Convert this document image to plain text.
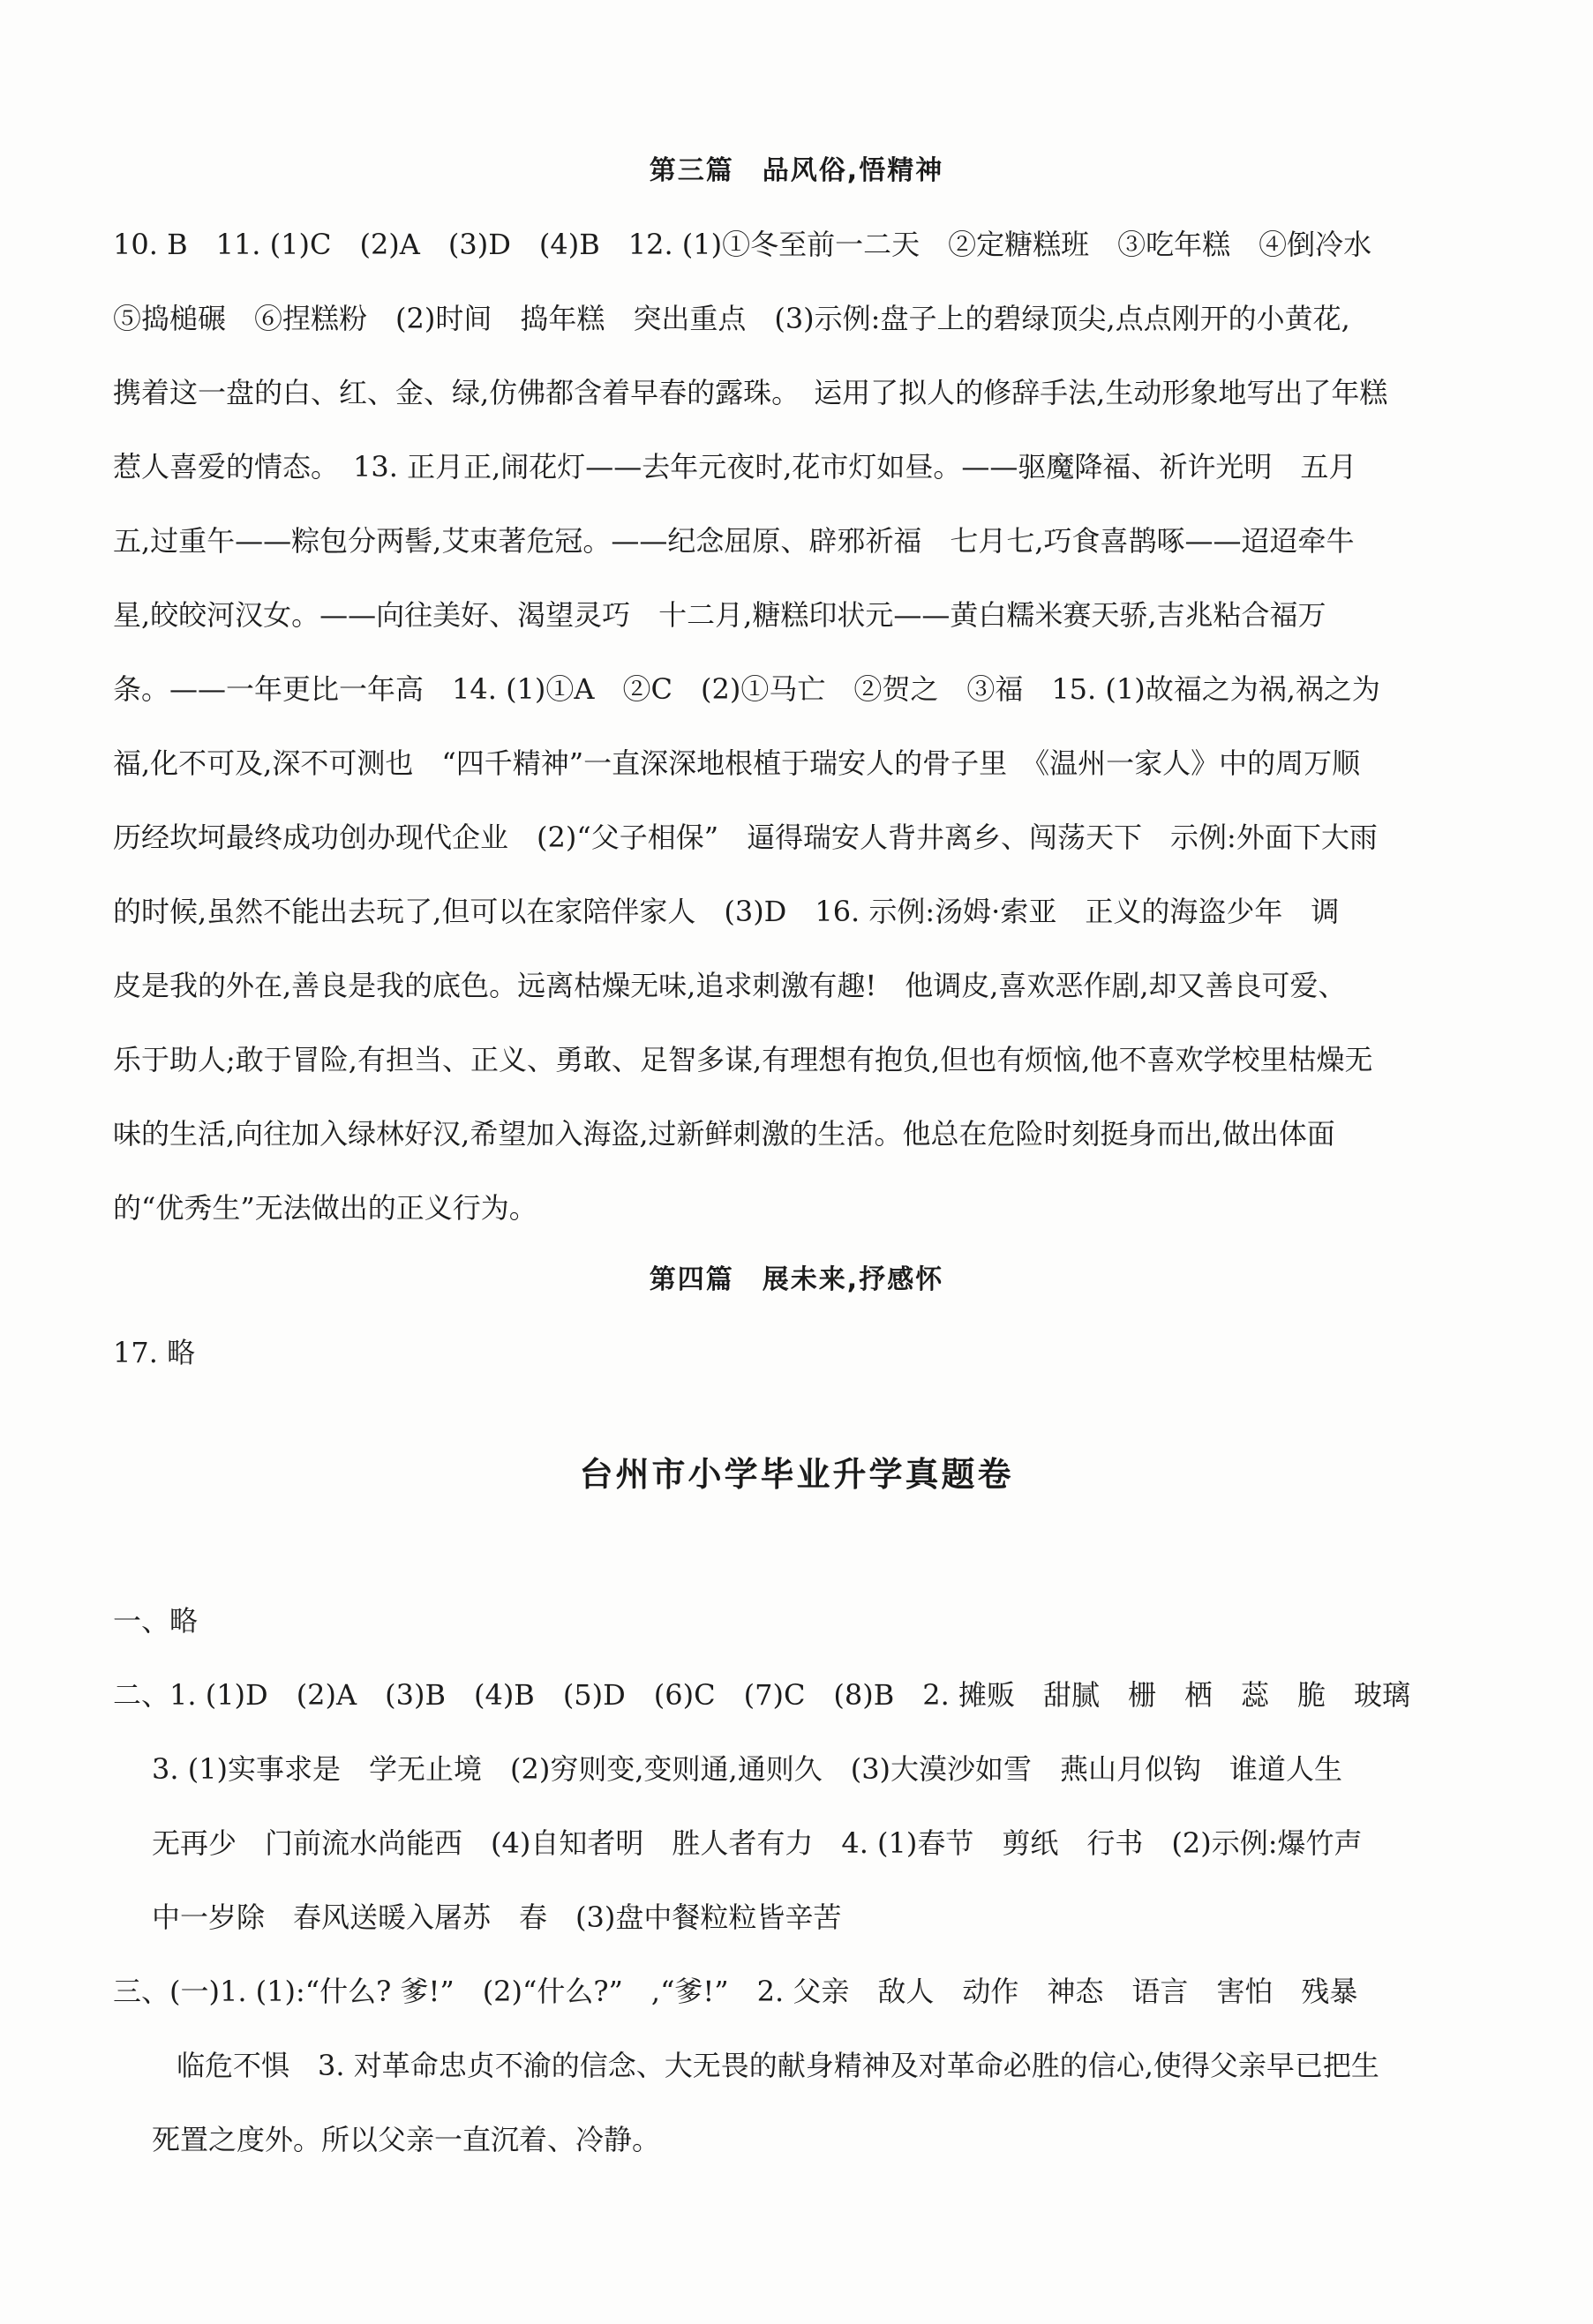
第三篇　品风俗,悟精神
10. B　11. (1)C　(2)A　(3)D　(4)B　12. (1)①冬至前一二天　②定糖糕班　③吃年糕　④倒冷水
⑤捣槌碾　⑥捏糕粉　(2)时间　捣年糕　突出重点　(3)示例:盘子上的碧绿顶尖,点点刚开的小黄花,
携着这一盘的白、红、金、绿,仿佛都含着早春的露珠。　运用了拟人的修辞手法,生动形象地写出了年糕
惹人喜爱的情态。　13. 正月正,闹花灯——去年元夜时,花市灯如昼。——驱魔降福、祈许光明　五月
五,过重午——粽包分两髻,艾束著危冠。——纪念屈原、辟邪祈福　七月七,巧食喜鹊啄——迢迢牵牛
星,皎皎河汉女。——向往美好、渴望灵巧　十二月,糖糕印状元——黄白糯米赛天骄,吉兆粘合福万
条。——一年更比一年高　14. (1)①A　②C　(2)①马亡　②贺之　③福　15. (1)故福之为祸,祸之为
福,化不可及,深不可测也　“四千精神”一直深深地根植于瑞安人的骨子里　《温州一家人》中的周万顺
历经坎坷最终成功创办现代企业　(2)“父子相保”　逼得瑞安人背井离乡、闯荡天下　示例:外面下大雨
的时候,虽然不能出去玩了,但可以在家陪伴家人　(3)D　16. 示例:汤姆·索亚　正义的海盗少年　调
皮是我的外在,善良是我的底色。远离枯燥无味,追求刺激有趣!　他调皮,喜欢恶作剧,却又善良可爱、
乐于助人;敢于冒险,有担当、正义、勇敢、足智多谋,有理想有抱负,但也有烦恼,他不喜欢学校里枯燥无
味的生活,向往加入绿林好汉,希望加入海盗,过新鲜刺激的生活。他总在危险时刻挺身而出,做出体面
的“优秀生”无法做出的正义行为。
第四篇　展未来,抒感怀
17. 略
台州市小学毕业升学真题卷
一、略
二、1. (1)D　(2)A　(3)B　(4)B　(5)D　(6)C　(7)C　(8)B　2. 摊贩　甜腻　栅　栖　蕊　脆　玻璃
3. (1)实事求是　学无止境　(2)穷则变,变则通,通则久　(3)大漠沙如雪　燕山月似钩　谁道人生
无再少　门前流水尚能西　(4)自知者明　胜人者有力　4. (1)春节　剪纸　行书　(2)示例:爆竹声
中一岁除　春风送暖入屠苏　春　(3)盘中餐粒粒皆辛苦
三、(一)1. (1):“什么? 爹!”　(2)“什么?”　,“爹!”　2. 父亲　敌人　动作　神态　语言　害怕　残暴
临危不惧　3. 对革命忠贞不渝的信念、大无畏的献身精神及对革命必胜的信心,使得父亲早已把生
死置之度外。所以父亲一直沉着、冷静。
